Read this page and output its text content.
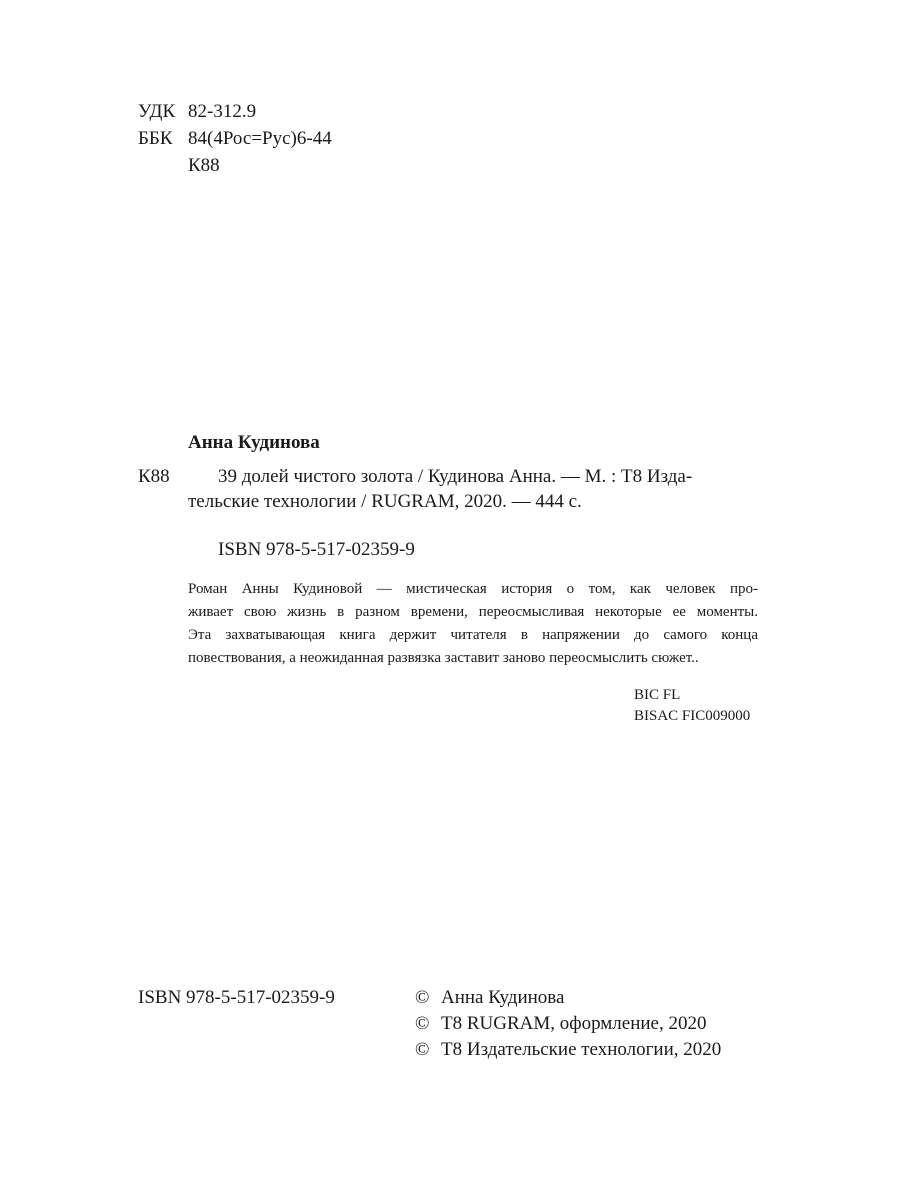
УДК 82-312.9
ББК 84(4Рос=Рус)6-44
К88
Анна Кудинова
К88	39 долей чистого золота / Кудинова Анна. — М. : Т8 Изда-
тельские технологии / RUGRAM, 2020. — 444 с.
ISBN 978-5-517-02359-9
Роман Анны Кудиновой — мистическая история о том, как человек про-
живает свою жизнь в разном времени, переосмысливая некоторые ее моменты.
Эта захватывающая книга держит читателя в напряжении до самого конца
повествования, а неожиданная развязка заставит заново переосмыслить сюжет..
BIC FL
BISAC FIC009000
ISBN 978-5-517-02359-9	© Анна Кудинова
© Т8 RUGRAM, оформление, 2020
© Т8 Издательские технологии, 2020
